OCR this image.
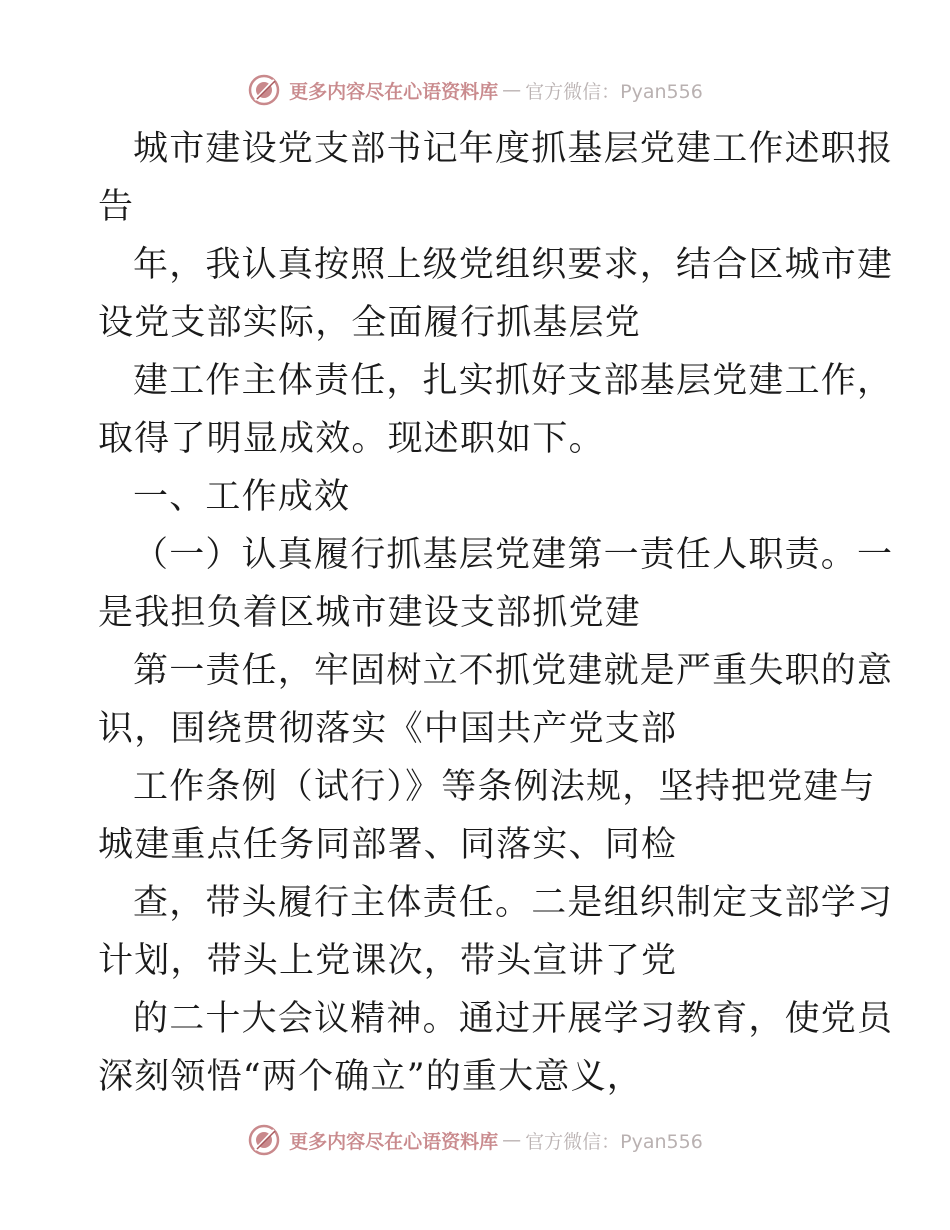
更多内容尽在心语资料库 — 官方微信：Pyan556

城市建设党支部书记年度抓基层党建工作述职报
告

年，我认真按照上级党组织要求，结合区城市建
设党支部实际，全面履行抓基层党

建工作主体责任，扎实抓好支部基层党建工作，
取得了明显成效。现述职如下。

一、工作成效

（一）认真履行抓基层党建第一责任人职责。一
是我担负着区城市建设支部抓党建

第一责任，牢固树立不抓党建就是严重失职的意
识，围绕贯彻落实《中国共产党支部

工作条例（试行）》等条例法规，坚持把党建与
城建重点任务同部署、同落实、同检

查，带头履行主体责任。二是组织制定支部学习
计划，带头上党课次，带头宣讲了党

的二十大会议精神。通过开展学习教育，使党员
深刻领悟“两个确立”的重大意义，

更多内容尽在心语资料库 — 官方微信：Pyan556
